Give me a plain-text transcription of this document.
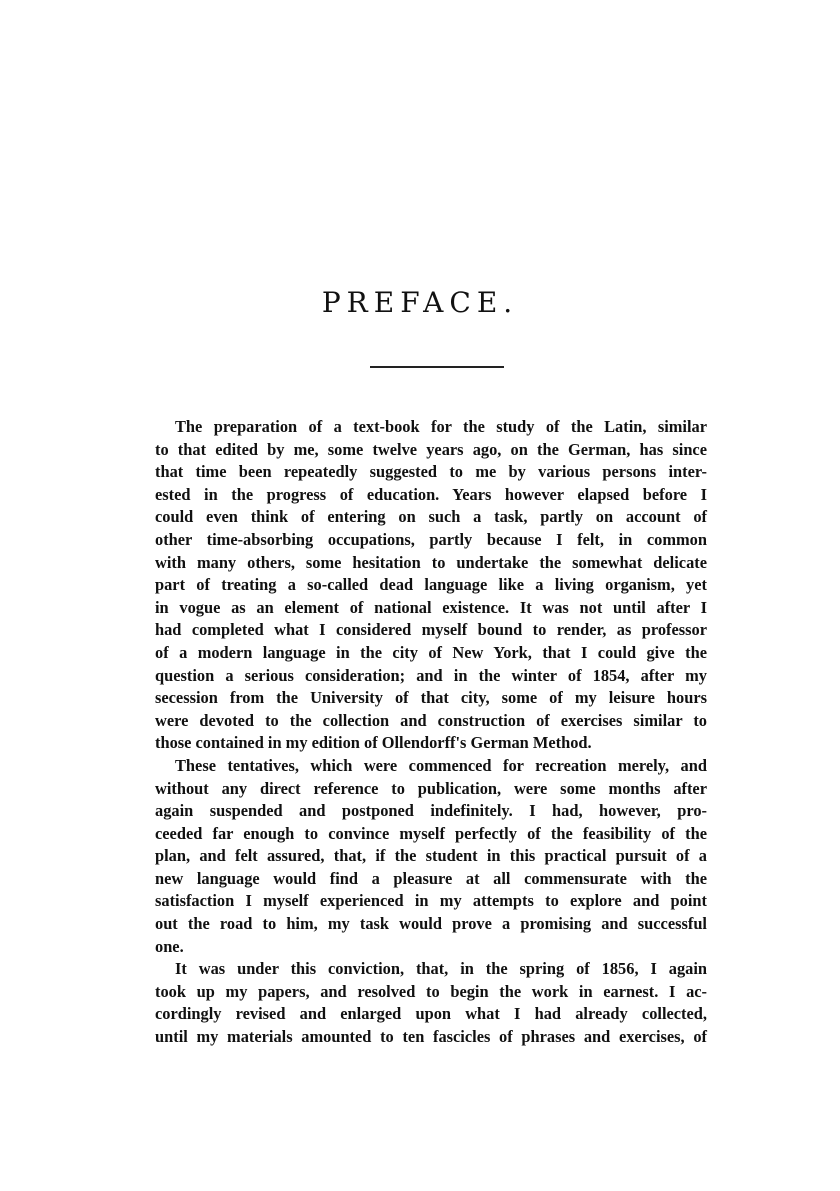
PREFACE.
The preparation of a text-book for the study of the Latin, similar
to that edited by me, some twelve years ago, on the German, has since
that time been repeatedly suggested to me by various persons inter-
ested in the progress of education. Years however elapsed before I
could even think of entering on such a task, partly on account of
other time-absorbing occupations, partly because I felt, in common
with many others, some hesitation to undertake the somewhat delicate
part of treating a so-called dead language like a living organism, yet
in vogue as an element of national existence. It was not until after I
had completed what I considered myself bound to render, as professor
of a modern language in the city of New York, that I could give the
question a serious consideration; and in the winter of 1854, after my
secession from the University of that city, some of my leisure hours
were devoted to the collection and construction of exercises similar to
those contained in my edition of Ollendorff's German Method.
These tentatives, which were commenced for recreation merely, and
without any direct reference to publication, were some months after
again suspended and postponed indefinitely. I had, however, pro-
ceeded far enough to convince myself perfectly of the feasibility of the
plan, and felt assured, that, if the student in this practical pursuit of a
new language would find a pleasure at all commensurate with the
satisfaction I myself experienced in my attempts to explore and point
out the road to him, my task would prove a promising and successful
one.
It was under this conviction, that, in the spring of 1856, I again
took up my papers, and resolved to begin the work in earnest. I ac-
cordingly revised and enlarged upon what I had already collected,
until my materials amounted to ten fascicles of phrases and exercises, of
